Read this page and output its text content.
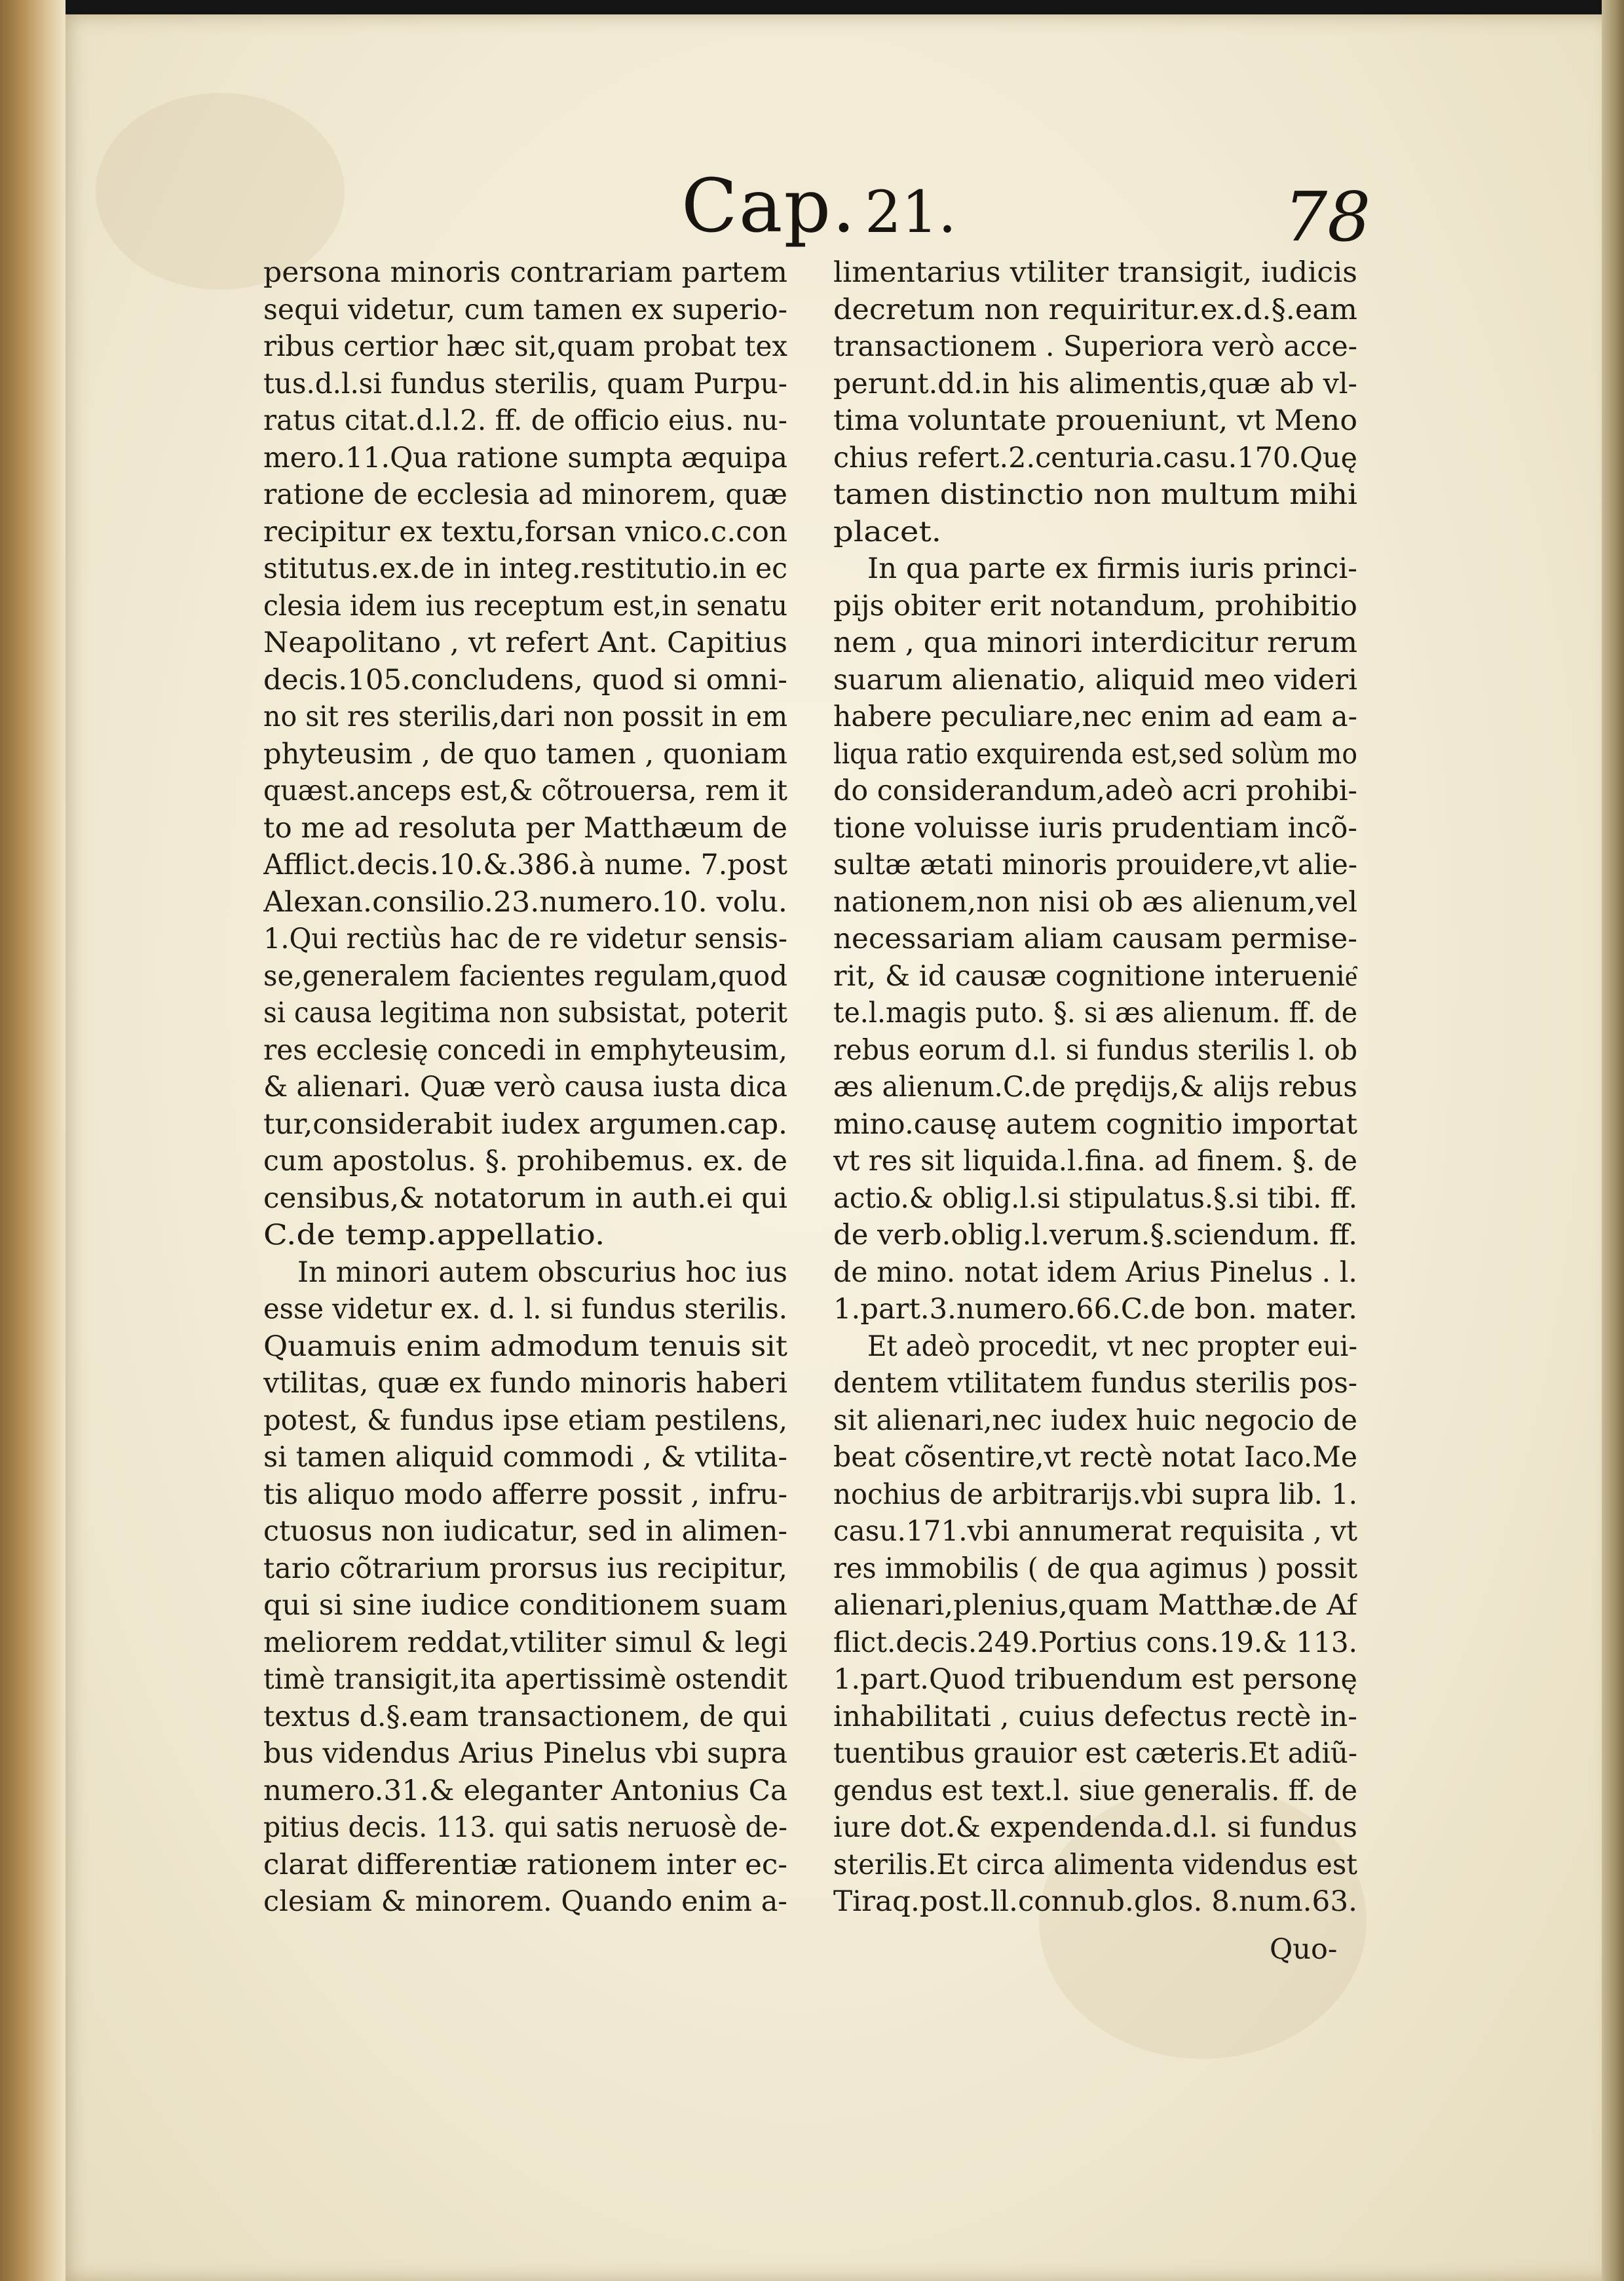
Cap. 21.	78
persona minoris contrariam partem
sequi videtur, cum tamen ex superio-
ribus certior hæc sit,quam probat tex
tus.d.l.si fundus sterilis, quam Purpu-
ratus citat.d.l.2. ff. de officio eius. nu-
mero.11.Qua ratione sumpta æquipa
ratione de ecclesia ad minorem, quæ
recipitur ex textu,forsan vnico.c.con
stitutus.ex.de in integ.restitutio.in ec
clesia idem ius receptum est,in senatu
Neapolitano , vt refert Ant. Capitius
decis.105.concludens, quod si omni-
no sit res sterilis,dari non possit in em
phyteusim , de quo tamen , quoniam
quæst.anceps est,& cõtrouersa, rem it
to me ad resoluta per Matthæum de
Afflict.decis.10.&.386.à nume. 7.post
Alexan.consilio.23.numero.10. volu.
1.Qui rectiùs hac de re videtur sensis-
se,generalem facientes regulam,quod
si causa legitima non subsistat, poterit
res ecclesię concedi in emphyteusim,
& alienari. Quæ verò causa iusta dica
tur,considerabit iudex argumen.cap.
cum apostolus. §. prohibemus. ex. de
censibus,& notatorum in auth.ei qui
C.de temp.appellatio.
In minori autem obscurius hoc ius
esse videtur ex. d. l. si fundus sterilis.
Quamuis enim admodum tenuis sit
vtilitas, quæ ex fundo minoris haberi
potest, & fundus ipse etiam pestilens,
si tamen aliquid commodi , & vtilita-
tis aliquo modo afferre possit , infru-
ctuosus non iudicatur, sed in alimen-
tario cõtrarium prorsus ius recipitur,
qui si sine iudice conditionem suam
meliorem reddat,vtiliter simul & legi
timè transigit,ita apertissimè ostendit
textus d.§.eam transactionem, de qui
bus videndus Arius Pinelus vbi supra
numero.31.& eleganter Antonius Ca
pitius decis. 113. qui satis neruosè de-
clarat differentiæ rationem inter ec-
clesiam & minorem. Quando enim a-
limentarius vtiliter transigit, iudicis
decretum non requiritur.ex.d.§.eam
transactionem . Superiora verò acce-
perunt.dd.in his alimentis,quæ ab vl-
tima voluntate proueniunt, vt Meno
chius refert.2.centuria.casu.170.Quę
tamen distinctio non multum mihi
placet.
In qua parte ex firmis iuris princi-
pijs obiter erit notandum, prohibitio
nem , qua minori interdicitur rerum
suarum alienatio, aliquid meo videri
habere peculiare,nec enim ad eam a-
liqua ratio exquirenda est,sed solùm mo
do considerandum,adeò acri prohibi-
tione voluisse iuris prudentiam incõ-
sultæ ætati minoris prouidere,vt alie-
nationem,non nisi ob æs alienum,vel
necessariam aliam causam permise-
rit, & id causæ cognitione interuenie͂
te.l.magis puto. §. si æs alienum. ff. de
rebus eorum d.l. si fundus sterilis l. ob
æs alienum.C.de prędijs,& alijs rebus
mino.causę autem cognitio importat
vt res sit liquida.l.fina. ad finem. §. de
actio.& oblig.l.si stipulatus.§.si tibi. ff.
de verb.oblig.l.verum.§.sciendum. ff.
de mino. notat idem Arius Pinelus . l.
1.part.3.numero.66.C.de bon. mater.
Et adeò procedit, vt nec propter eui-
dentem vtilitatem fundus sterilis pos-
sit alienari,nec iudex huic negocio de
beat cõsentire,vt rectè notat Iaco.Me
nochius de arbitrarijs.vbi supra lib. 1.
casu.171.vbi annumerat requisita , vt
res immobilis ( de qua agimus ) possit
alienari,plenius,quam Matthæ.de Af
flict.decis.249.Portius cons.19.& 113.
1.part.Quod tribuendum est personę
inhabilitati , cuius defectus rectè in-
tuentibus grauior est cæteris.Et adiũ-
gendus est text.l. siue generalis. ff. de
iure dot.& expendenda.d.l. si fundus
sterilis.Et circa alimenta videndus est
Tiraq.post.ll.connub.glos. 8.num.63.
Quo-
